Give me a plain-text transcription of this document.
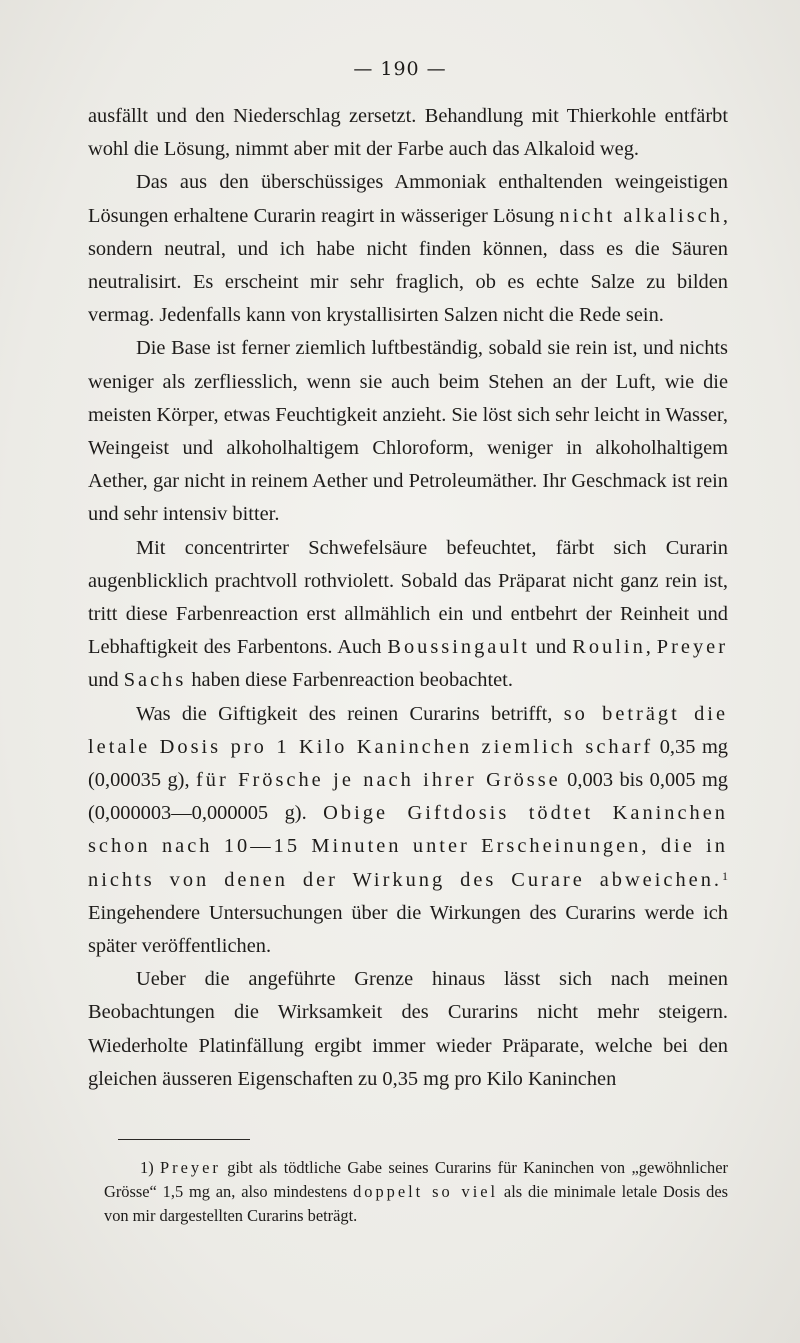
— 190 —

ausfällt und den Niederschlag zersetzt. Behandlung mit Thierkohle entfärbt wohl die Lösung, nimmt aber mit der Farbe auch das Alkaloid weg.

Das aus den überschüssiges Ammoniak enthaltenden weingeistigen Lösungen erhaltene Curarin reagirt in wässeriger Lösung nicht alkalisch, sondern neutral, und ich habe nicht finden können, dass es die Säuren neutralisirt. Es erscheint mir sehr fraglich, ob es echte Salze zu bilden vermag. Jedenfalls kann von krystallisirten Salzen nicht die Rede sein.

Die Base ist ferner ziemlich luftbeständig, sobald sie rein ist, und nichts weniger als zerfliesslich, wenn sie auch beim Stehen an der Luft, wie die meisten Körper, etwas Feuchtigkeit anzieht. Sie löst sich sehr leicht in Wasser, Weingeist und alkoholhaltigem Chloroform, weniger in alkoholhaltigem Aether, gar nicht in reinem Aether und Petroleumäther. Ihr Geschmack ist rein und sehr intensiv bitter.

Mit concentrirter Schwefelsäure befeuchtet, färbt sich Curarin augenblicklich prachtvoll rothviolett. Sobald das Präparat nicht ganz rein ist, tritt diese Farbenreaction erst allmählich ein und entbehrt der Reinheit und Lebhaftigkeit des Farbentons. Auch Boussingault und Roulin, Preyer und Sachs haben diese Farbenreaction beobachtet.

Was die Giftigkeit des reinen Curarins betrifft, so beträgt die letale Dosis pro 1 Kilo Kaninchen ziemlich scharf 0,35 mg (0,00035 g), für Frösche je nach ihrer Grösse 0,003 bis 0,005 mg (0,000003—0,000005 g). Obige Giftdosis tödtet Kaninchen schon nach 10—15 Minuten unter Erscheinungen, die in nichts von denen der Wirkung des Curare abweichen.$^1$ Eingehendere Untersuchungen über die Wirkungen des Curarins werde ich später veröffentlichen.

Ueber die angeführte Grenze hinaus lässt sich nach meinen Beobachtungen die Wirksamkeit des Curarins nicht mehr steigern. Wiederholte Platinfällung ergibt immer wieder Präparate, welche bei den gleichen äusseren Eigenschaften zu 0,35 mg pro Kilo Kaninchen

1) Preyer gibt als tödtliche Gabe seines Curarins für Kaninchen von „gewöhnlicher Grösse“ 1,5 mg an, also mindestens doppelt so viel als die minimale letale Dosis des von mir dargestellten Curarins beträgt.
